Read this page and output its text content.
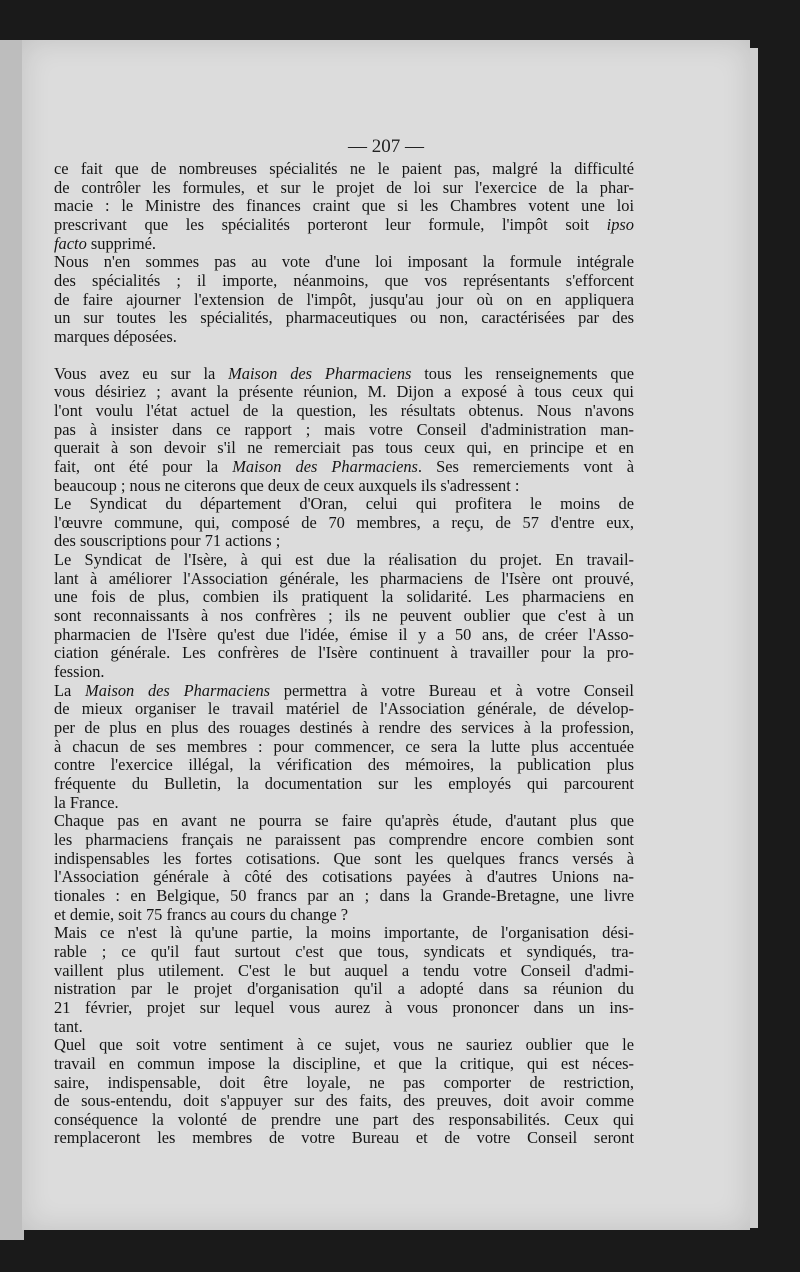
— 207 —
ce fait que de nombreuses spécialités ne le paient pas, malgré la difficulté
de contrôler les formules, et sur le projet de loi sur l'exercice de la phar-
macie : le Ministre des finances craint que si les Chambres votent une loi
prescrivant que les spécialités porteront leur formule, l'impôt soit ipso
facto supprimé.
Nous n'en sommes pas au vote d'une loi imposant la formule intégrale
des spécialités ; il importe, néanmoins, que vos représentants s'efforcent
de faire ajourner l'extension de l'impôt, jusqu'au jour où on en appliquera
un sur toutes les spécialités, pharmaceutiques ou non, caractérisées par des
marques déposées.
Vous avez eu sur la Maison des Pharmaciens tous les renseignements que
vous désiriez ; avant la présente réunion, M. Dijon a exposé à tous ceux qui
l'ont voulu l'état actuel de la question, les résultats obtenus. Nous n'avons
pas à insister dans ce rapport ; mais votre Conseil d'administration man-
querait à son devoir s'il ne remerciait pas tous ceux qui, en principe et en
fait, ont été pour la Maison des Pharmaciens. Ses remerciements vont à
beaucoup ; nous ne citerons que deux de ceux auxquels ils s'adressent :
Le Syndicat du département d'Oran, celui qui profitera le moins de
l'œuvre commune, qui, composé de 70 membres, a reçu, de 57 d'entre eux,
des souscriptions pour 71 actions ;
Le Syndicat de l'Isère, à qui est due la réalisation du projet. En travail-
lant à améliorer l'Association générale, les pharmaciens de l'Isère ont prouvé,
une fois de plus, combien ils pratiquent la solidarité. Les pharmaciens en
sont reconnaissants à nos confrères ; ils ne peuvent oublier que c'est à un
pharmacien de l'Isère qu'est due l'idée, émise il y a 50 ans, de créer l'Asso-
ciation générale. Les confrères de l'Isère continuent à travailler pour la pro-
fession.
La Maison des Pharmaciens permettra à votre Bureau et à votre Conseil
de mieux organiser le travail matériel de l'Association générale, de dévelop-
per de plus en plus des rouages destinés à rendre des services à la profession,
à chacun de ses membres : pour commencer, ce sera la lutte plus accentuée
contre l'exercice illégal, la vérification des mémoires, la publication plus
fréquente du Bulletin, la documentation sur les employés qui parcourent
la France.
Chaque pas en avant ne pourra se faire qu'après étude, d'autant plus que
les pharmaciens français ne paraissent pas comprendre encore combien sont
indispensables les fortes cotisations. Que sont les quelques francs versés à
l'Association générale à côté des cotisations payées à d'autres Unions na-
tionales : en Belgique, 50 francs par an ; dans la Grande-Bretagne, une livre
et demie, soit 75 francs au cours du change ?
Mais ce n'est là qu'une partie, la moins importante, de l'organisation dési-
rable ; ce qu'il faut surtout c'est que tous, syndicats et syndiqués, tra-
vaillent plus utilement. C'est le but auquel a tendu votre Conseil d'admi-
nistration par le projet d'organisation qu'il a adopté dans sa réunion du
21 février, projet sur lequel vous aurez à vous prononcer dans un ins-
tant.
Quel que soit votre sentiment à ce sujet, vous ne sauriez oublier que le
travail en commun impose la discipline, et que la critique, qui est néces-
saire, indispensable, doit être loyale, ne pas comporter de restriction,
de sous-entendu, doit s'appuyer sur des faits, des preuves, doit avoir comme
conséquence la volonté de prendre une part des responsabilités. Ceux qui
remplaceront les membres de votre Bureau et de votre Conseil seront
